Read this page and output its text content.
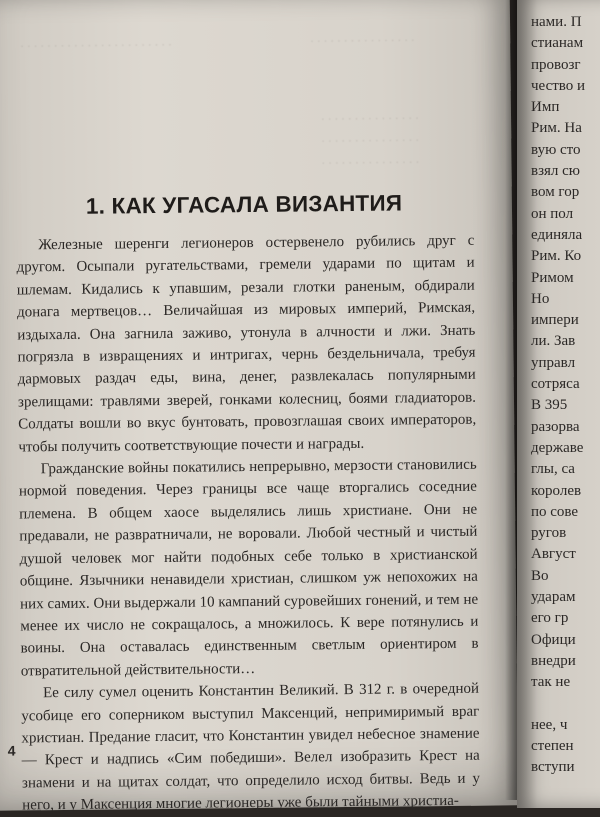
· · · · · · · · · · · · · · · · · · · · · · ·	· · · · · · · · · · · · · · · ·
· · · · · · · · · · · · · · ·
· · · · · · · · · · · · · · ·
· · · · · · · · · · · · · · ·
1. КАК УГАСАЛА ВИЗАНТИЯ

Железные шеренги легионеров остервенело рубились друг с другом. Осыпали ругательствами, гремели ударами по щитам и шлемам. Кидались к упавшим, резали глотки раненым, обдирали донага мертвецов… Величайшая из мировых империй, Римская, издыхала. Она загнила заживо, утонула в алчности и лжи. Знать погрязла в извращениях и интригах, чернь бездельничала, требуя дармовых раздач еды, вина, денег, развлекалась популярными зрелищами: травлями зверей, гонками колесниц, боями гладиаторов. Солдаты вошли во вкус бунтовать, провозглашая своих императоров, чтобы получить соответствующие почести и награды.

Гражданские войны покатились непрерывно, мерзости становились нормой поведения. Через границы все чаще вторгались соседние племена. В общем хаосе выделялись лишь христиане. Они не предавали, не развратничали, не воровали. Любой честный и чистый душой человек мог найти подобных себе только в христианской общине. Язычники ненавидели христиан, слишком уж непохожих на них самих. Они выдержали 10 кампаний суровейших гонений, и тем не менее их число не сокращалось, а множилось. К вере потянулись и воины. Она оставалась единственным светлым ориентиром в отвратительной действительности…

Ее силу сумел оценить Константин Великий. В 312 г. в очередной усобице его соперником выступил Максенций, непримиримый враг христиан. Предание гласит, что Константин увидел небесное знамение — Крест и надпись «Сим победиши». Велел изобразить Крест на знамени и на щитах солдат, что определило исход битвы. Ведь и у него, и у Максенция многие легионеры уже были тайными христиа-

4
нами. П
стианам
провозг
чество и
Имп
Рим. На
вую сто
взял сю
вом гор
он пол
единяла
Рим. Ко
Римом
Но
импери
ли. Зав
управл
сотряса
В 395
разорва
державе
глы, са
королев
по сове
ругов
Август
Во
ударам
его гр
Офици
внедри
так не
нее, ч
степен
вступи
